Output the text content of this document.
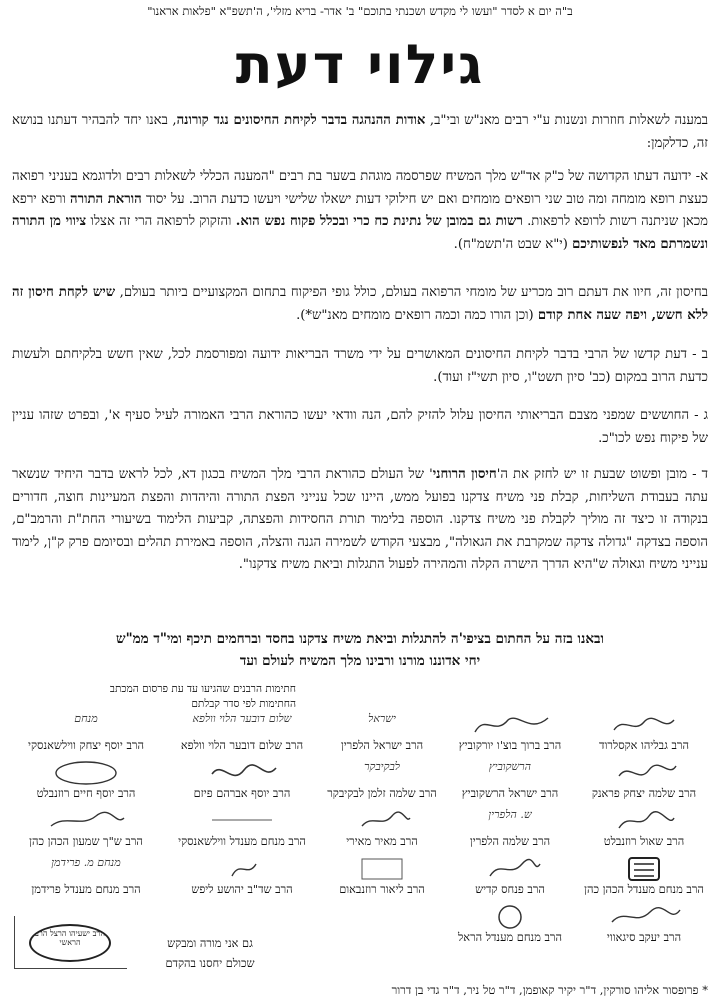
ב"ה יום א לסדר "ועשו לי מקדש ושכנתי בתוכם" ב' אדר- בריא מזלי', ה'תשפ"א "פלאות אראנו"
גילוי דעת
במענה לשאלות חוזרות ונשנות ע"י רבים מאנ"ש ובי"ב, אודות ההנהגה בדבר לקיחת החיסונים נגד קורונה, באנו יחד להבהיר דעתנו בנושא זה, כדלקמן:
א- ידועה דעתו הקדושה של כ"ק אד"ש מלך המשיח שפרסמה מוגהת בשער בת רבים "המענה הכללי לשאלות רבים ולדוגמא בעניני רפואה כעצת רופא מומחה ומה טוב שני רופאים מומחים ואם יש חילוקי דעות ישאלו שלישי ויעשו כדעת הרוב. על יסוד הוראת התורה ורפא ירפא מכאן שניתנה רשות לרופא לרפאות. רשות גם במובן של נתינת כח כרי ובכלל פקוח נפש הוא. והזקוק לרפואה הרי זה אצלו ציווי מן התורה ונשמרתם מאד לנפשותיכם (י"א שבט ה'תשמ"ח).
בחיסון זה, חיוו את דעתם רוב מכריע של מומחי הרפואה בעולם, כולל גופי הפיקוח בתחום המקצועיים ביותר בעולם, שיש לקחת חיסון זה ללא חשש, ויפה שעה אחת קודם (וכן הורו כמה וכמה רופאים מומחים מאנ"ש*).
ב - דעת קדשו של הרבי בדבר לקיחת החיסונים המאושרים על ידי משרד הבריאות ידועה ומפורסמת לכל, שאין חשש בלקיחתם ולעשות כדעת הרוב במקום (כב' סיון תשט"ו, סיון תשי"ז ועוד).
ג - החוששים שמפני מצבם הבריאותי החיסון עלול להזיק להם, הנה וודאי יעשו כהוראת הרבי האמורה לעיל סעיף א', ובפרט שזהו עניין של פיקוח נפש לכו"כ.
ד - מובן ופשוט שבעת זו יש לחזק את ה'חיסון הרוחני' של העולם כהוראת הרבי מלך המשיח בכגון דא, לכל לראש בדבר היחיד שנשאר עתה בעבודת השליחות, קבלת פני משיח צדקנו בפועל ממש, היינו שכל ענייני הפצת התורה והיהדות והפצת המעיינות חוצה, חדורים בנקודה זו כיצד זה מוליך לקבלת פני משיח צדקנו. הוספה בלימוד תורת החסידות והפצתה, קביעות הלימוד בשיעורי החת"ת והרמב"ם, הוספה בצדקה "גדולה צדקה שמקרבת את הגאולה", מבצעי הקודש לשמירה הגנה והצלה, הוספה באמירת תהלים ובסיומם פרק ק"ן, לימוד ענייני משיח וגאולה ש"היא הדרך הישרה הקלה והמהירה לפעול התגלות וביאת משיח צדקנו".
ובאנו בזה על החתום בציפי'ה להתגלות וביאת משיח צדקנו בחסד וברחמים תיכף ומי"ד ממ"ש
יחי אדוננו מורנו ורבינו מלך המשיח לעולם ועד
חתימות הרבנים שהגיעו עד עת פרסום המכתב
החתימות לפי סדר קבלתם
הרב גבליהו אקסלרוד
הרב ברוך בוצ'ו יורקוביץ
ישראל
הרב ישראל הלפרין
שלום דובער הלוי וולפא
הרב שלום דובער הלוי וולפא
מנחם
הרב יוסף יצחק ווילשאנסקי
הרב שלמה יצחק פראנק
הרשקוביץ
הרב ישראל הרשקוביץ
לבקיבקר
הרב שלמה זלמן לבקיבקר
הרב יוסף אברהם פיזם
הרב יוסף חיים רוזנבלט
הרב שאול רוזנבלט
ש. הלפרין
הרב שלמה הלפרין
הרב מאיר מאירי
הרב מנחם מענדל ווילשאנסקי
הרב ש"ך שמעון הכהן כהן
הרב מנחם מענדל הכהן כהן
הרב פנחס קדיש
הרב ליאור רוזנבאום
הרב שד"ב יהושע ליפש
מנחם מ. פרידמן
הרב מנחם מענדל פרידמן
הרב יעקב סיגאווי
הרב מנחם מענדל הראל
הרב ישעיהו הרצל הרב הראשי	גם אני מורה ומבקש
שכולם יחסנו בהקדם
* פרופסור אליהו סורקין, ד"ר יקיר קאופמן, ד"ר טל ניר, ד"ר גדי בן דרור
